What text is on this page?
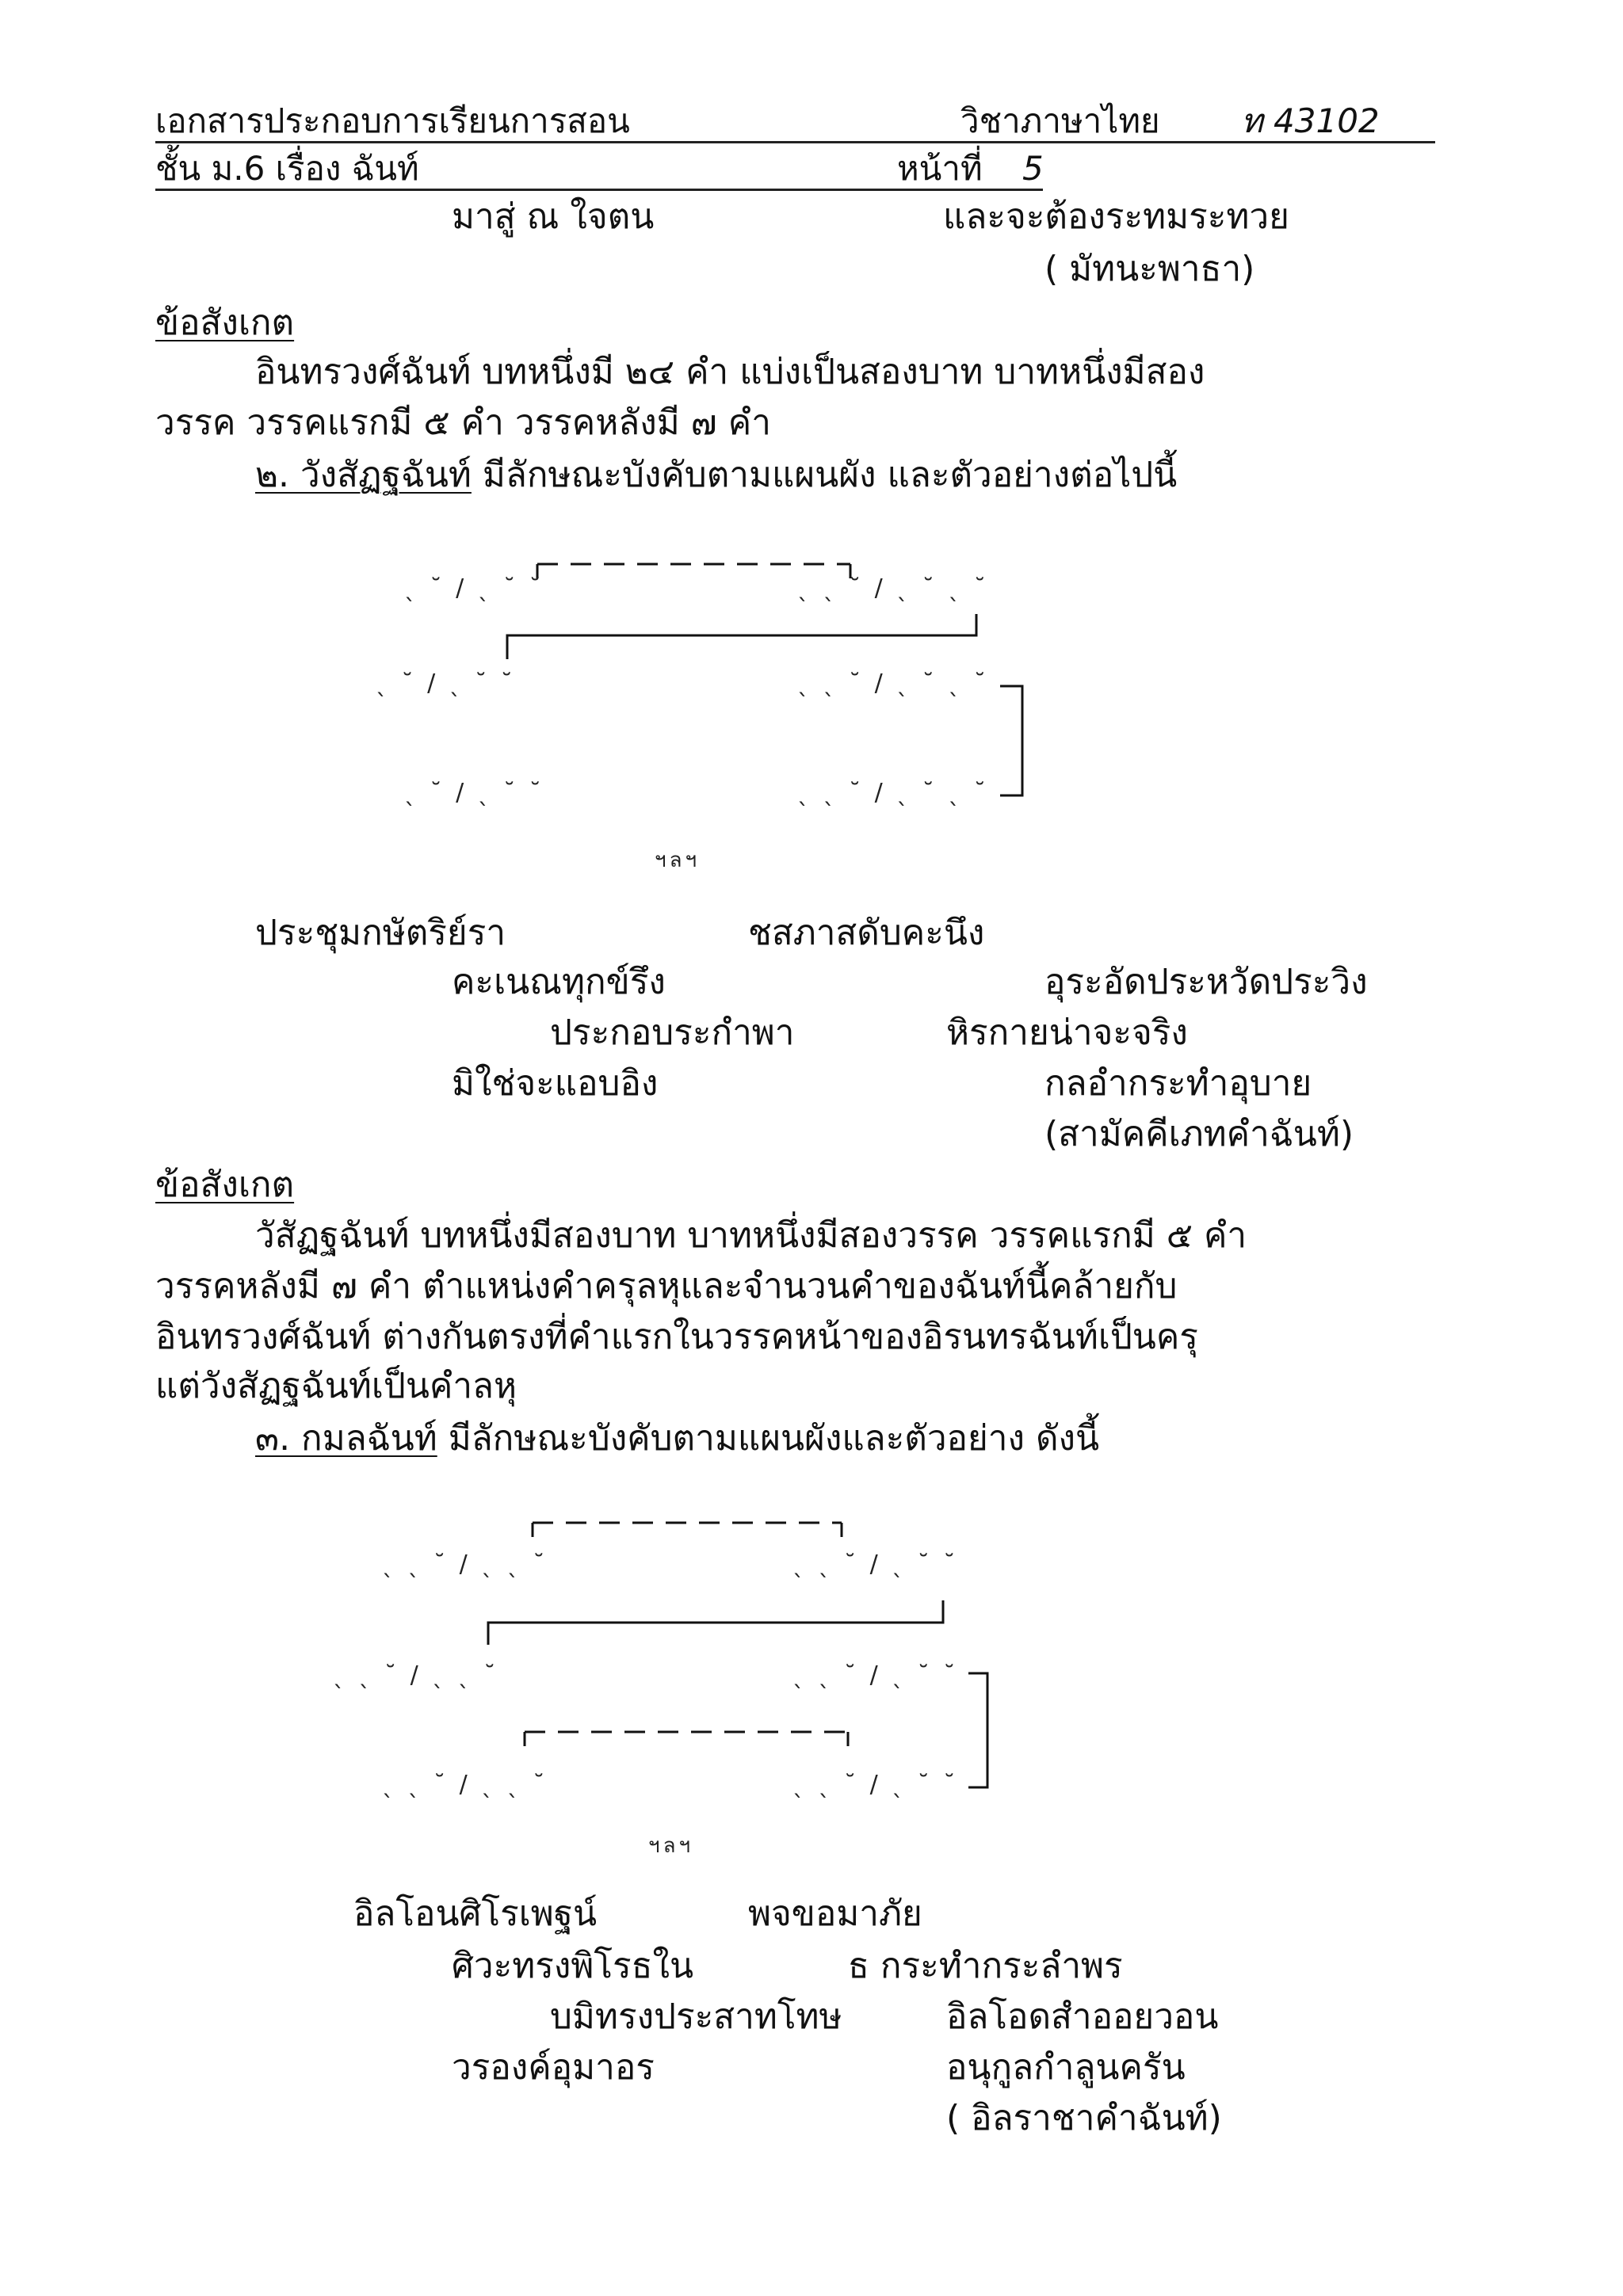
เอกสารประกอบการเรียนการสอน	วิชาภาษาไทย ท 43102
ชั้น ม.6 เรื่อง ฉันท์	หน้าที่ 5
มาสู่ ณ ใจตน	และจะต้องระทมระทวย
( มัทนะพาธา)
ข้อสังเกต
อินทรวงศ์ฉันท์ บทหนึ่งมี ๒๔ คำ แบ่งเป็นสองบาท บาทหนึ่งมีสอง
วรรค วรรคแรกมี ๕ คำ วรรคหลังมี ๗ คำ
๒. วังสัฏฐฉันท์ มีลักษณะบังคับตามแผนผัง และตัวอย่างต่อไปนี้
ˎ ˘ / ˎ ˘ ˘	ˎ ˎ ˘ / ˎ ˘ ˎ ˘
ˎ ˘ / ˎ ˘ ˘	ˎ ˎ ˘ / ˎ ˘ ˎ ˘
ˎ ˘ / ˎ ˘ ˘	ˎ ˎ ˘ / ˎ ˘ ˎ ˘
ฯลฯ
ประชุมกษัตริย์รา	ชสภาสดับคะนึง
คะเนณทุกข์รึง	อุระอัดประหวัดประวิง
ประกอบระกำพา	หิรกายน่าจะจริง
มิใช่จะแอบอิง	กลอำกระทำอุบาย
(สามัคคีเภทคำฉันท์)
ข้อสังเกต
วัสัฏฐฉันท์ บทหนึ่งมีสองบาท บาทหนึ่งมีสองวรรค วรรคแรกมี ๕ คำ
วรรคหลังมี ๗ คำ ตำแหน่งคำครุลหุและจำนวนคำของฉันท์นี้คล้ายกับ
อินทรวงศ์ฉันท์ ต่างกันตรงที่คำแรกในวรรคหน้าของอิรนทรฉันท์เป็นครุ
แต่วังสัฏฐฉันท์เป็นคำลหุ
๓. กมลฉันท์ มีลักษณะบังคับตามแผนผังและตัวอย่าง ดังนี้
ˎ ˎ ˘ / ˎ ˎ ˘	ˎ ˎ ˘ / ˎ ˘ ˘
ˎ ˎ ˘ / ˎ ˎ ˘	ˎ ˎ ˘ / ˎ ˘ ˘
ˎ ˎ ˘ / ˎ ˎ ˘	ˎ ˎ ˘ / ˎ ˘ ˘
ฯลฯ
อิลโอนศิโรเพฐน์	พจขอมาภัย
ศิวะทรงพิโรธใน	ธ กระทำกระลำพร
บมิทรงประสาทโทษ	อิลโอดสำออยวอน
วรองค์อุมาอร	อนุกูลกำลูนครัน
( อิลราชาคำฉันท์)
